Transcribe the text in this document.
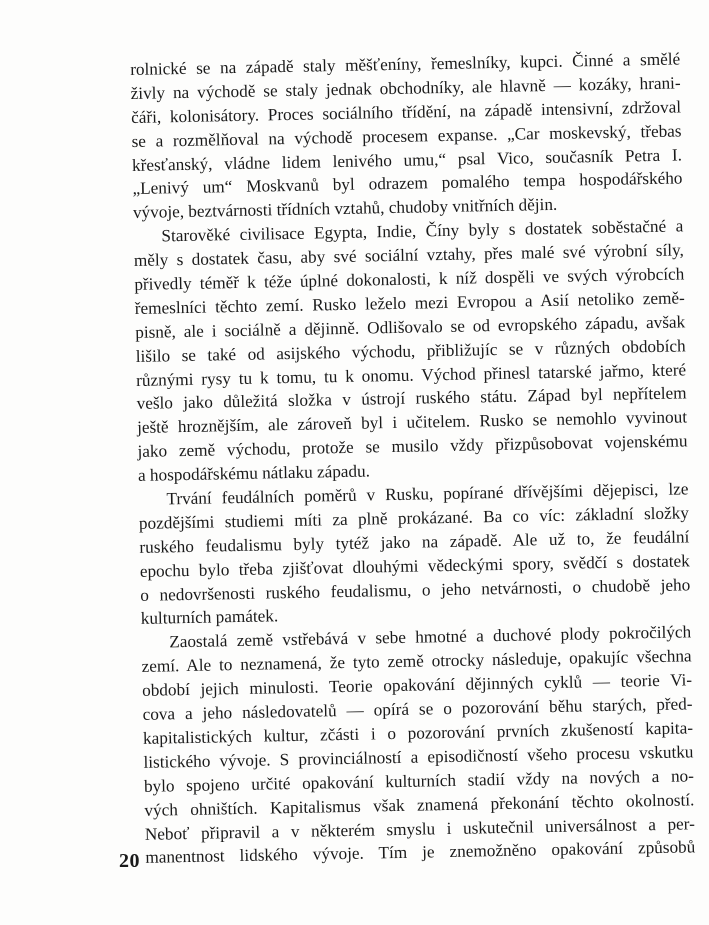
rolnické se na západě staly měšťeníny, řemeslníky, kupci. Činné a smělé
živly na východě se staly jednak obchodníky, ale hlavně — kozáky, hrani-
čáři, kolonisátory. Proces sociálního třídění, na západě intensivní, zdržoval
se a rozmělňoval na východě procesem expanse. „Car moskevský, třebas
křesťanský, vládne lidem lenivého umu,“ psal Vico, současník Petra I.
„Lenivý um“ Moskvanů byl odrazem pomalého tempa hospodářského
vývoje, beztvárnosti třídních vztahů, chudoby vnitřních dějin.
Starověké civilisace Egypta, Indie, Číny byly s dostatek soběstačné a
měly s dostatek času, aby své sociální vztahy, přes malé své výrobní síly,
přivedly téměř k téže úplné dokonalosti, k níž dospěli ve svých výrobcích
řemeslníci těchto zemí. Rusko leželo mezi Evropou a Asií netoliko země-
pisně, ale i sociálně a dějinně. Odlišovalo se od evropského západu, avšak
lišilo se také od asijského východu, přibližujíc se v různých obdobích
různými rysy tu k tomu, tu k onomu. Východ přinesl tatarské jařmo, které
vešlo jako důležitá složka v ústrojí ruského státu. Západ byl nepřítelem
ještě hroznějším, ale zároveň byl i učitelem. Rusko se nemohlo vyvinout
jako země východu, protože se musilo vždy přizpůsobovat vojenskému
a hospodářskému nátlaku západu.
Trvání feudálních poměrů v Rusku, popírané dřívějšími dějepisci, lze
pozdějšími studiemi míti za plně prokázané. Ba co víc: základní složky
ruského feudalismu byly tytéž jako na západě. Ale už to, že feudální
epochu bylo třeba zjišťovat dlouhými vědeckými spory, svědčí s dostatek
o nedovršenosti ruského feudalismu, o jeho netvárnosti, o chudobě jeho
kulturních památek.
Zaostalá země vstřebává v sebe hmotné a duchové plody pokročilých
zemí. Ale to neznamená, že tyto země otrocky následuje, opakujíc všechna
období jejich minulosti. Teorie opakování dějinných cyklů — teorie Vi-
cova a jeho následovatelů — opírá se o pozorování běhu starých, před-
kapitalistických kultur, zčásti i o pozorování prvních zkušeností kapita-
listického vývoje. S provinciálností a episodičností všeho procesu vskutku
bylo spojeno určité opakování kulturních stadií vždy na nových a no-
vých ohništích. Kapitalismus však znamená překonání těchto okolností.
Neboť připravil a v některém smyslu i uskutečnil universálnost a per-
manentnost lidského vývoje. Tím je znemožněno opakování způsobů
20
